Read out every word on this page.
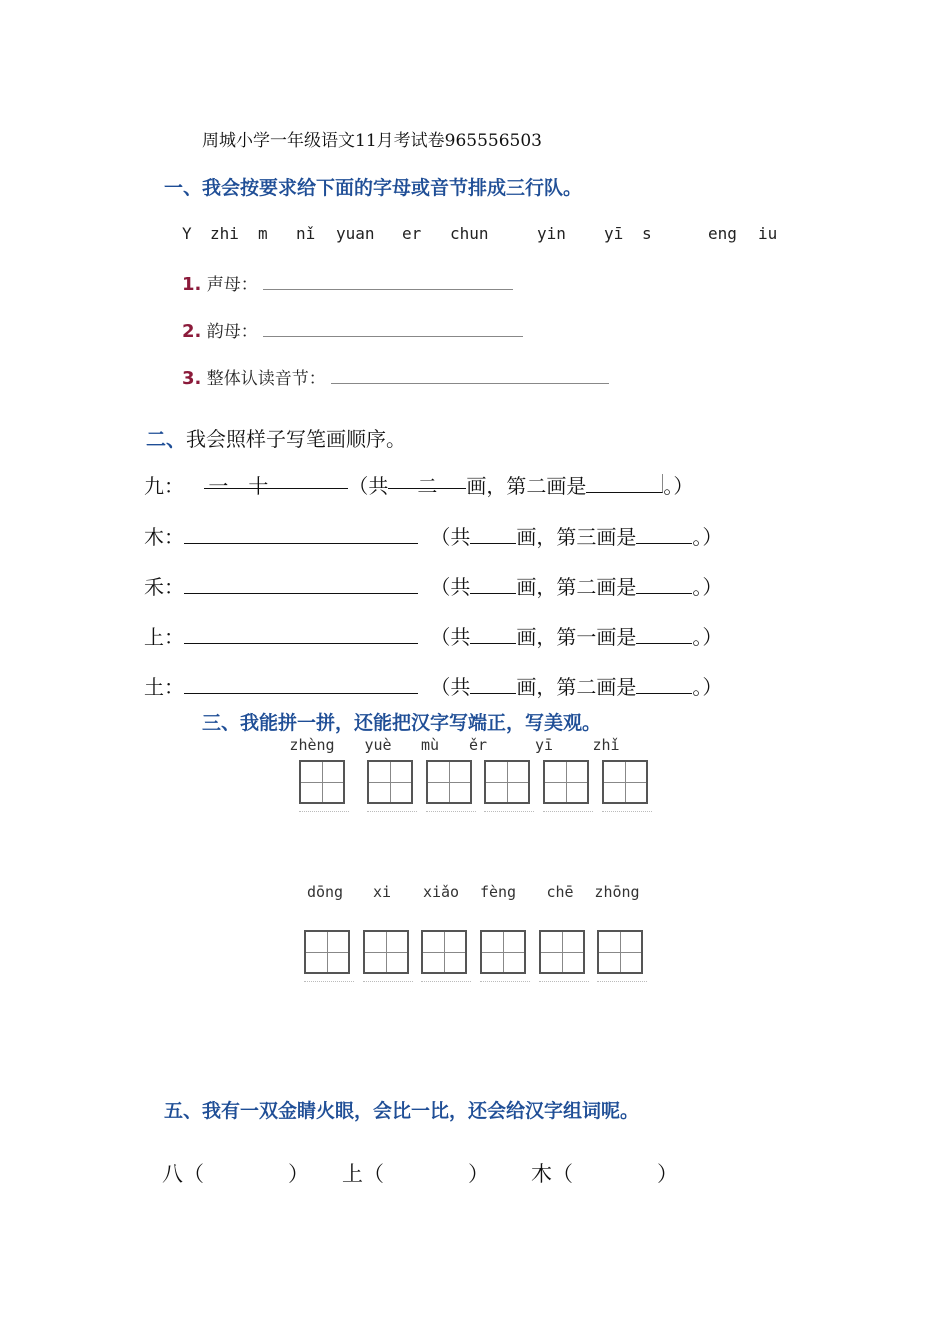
周城小学一年级语文11月考试卷965556503
一、我会按要求给下面的字母或音节排成三行队。
Y zhi m nǐ yuan er chun	yin yī s	eng iu
1. 声母：
2. 韵母：
3. 整体认读音节：
二、我会照样子写笔画顺序。
九： 一　十	（共 二 画，第二画是	。）
木：	（共 画，第三画是	。）
禾：	（共 画，第二画是	。）
上：	（共 画，第一画是	。）
土：	（共 画，第二画是	。）
三、我能拼一拼，还能把汉字写端正，写美观。
zhèng	yuè	mù	ěr	yī	zhǐ
dōng	xi	xiǎo	fèng	chē	zhōng
五、我有一双金睛火眼，会比一比，还会给汉字组词呢。
八（　　　　） 上（　　　　） 木（　　　　）
